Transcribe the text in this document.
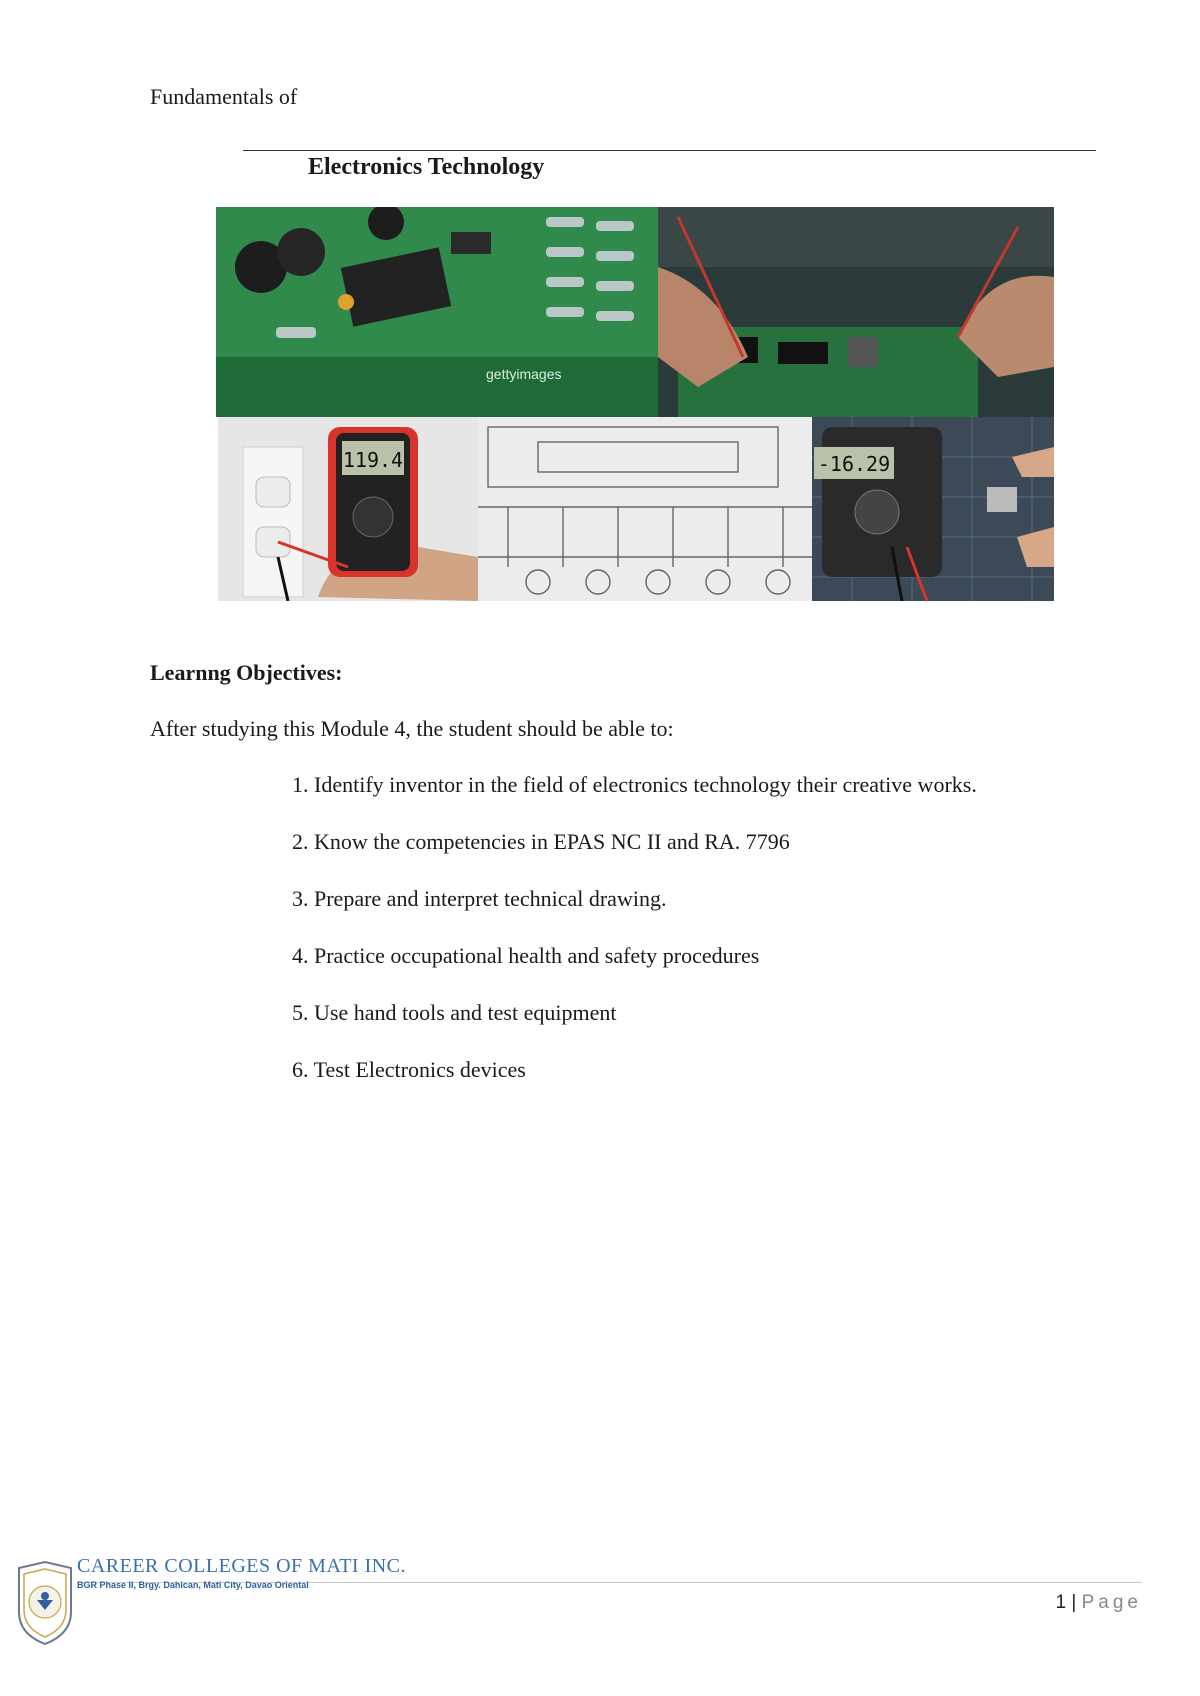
Fundamentals of
Electronics Technology
gettyimages
119.4	-16.29
Learnng Objectives:
After studying this Module 4, the student should be able to:
1. Identify inventor in the field of electronics technology their creative works.
2. Know the competencies in EPAS NC II and RA. 7796
3. Prepare and interpret technical drawing.
4. Practice occupational health and safety procedures
5. Use hand tools and test equipment
6. Test Electronics devices
CAREER COLLEGES OF MATI INC.
BGR Phase II, Brgy. Dahican, Mati City, Davao Oriental
1 | Page
